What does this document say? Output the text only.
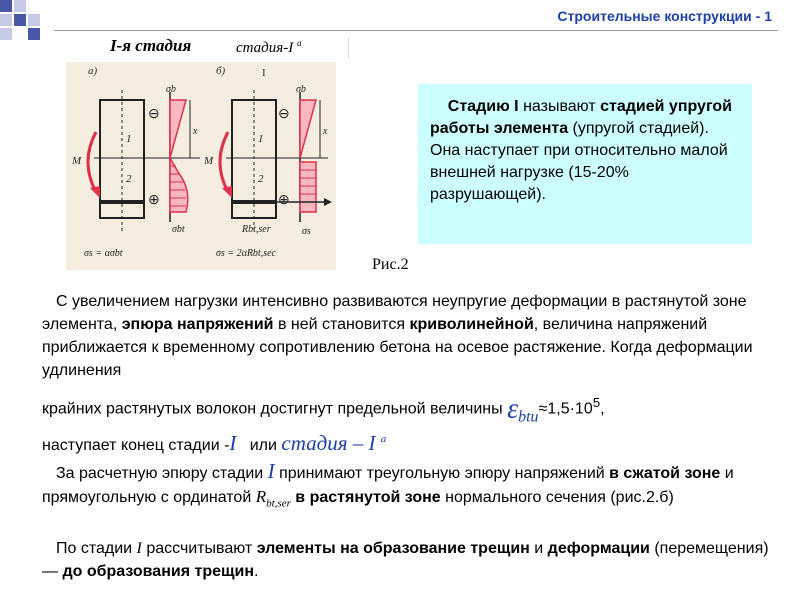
Строительные конструкции - 1
I-я стадия	стадия-I $^а$
а)
1
2
x
σb
⊖
⊕
σbt
σs = ασbt
M
б)	I
1
2
x
σb
⊖
⊕
σs
Rbt,ser
σs = 2αRbt,sec
M
Рис.2
Стадию I называют стадией упругой работы элемента (упругой стадией). Она наступает при относительно малой внешней нагрузке (15-20% разрушающей).
С увеличением нагрузки интенсивно развиваются неупругие деформации в растянутой зоне элемента, эпюра напряжений в ней становится криволинейной, величина напряжений приближается к временному сопротивлению бетона на осевое растяжение. Когда деформации удлинения
крайних растянутых волокон достигнут предельной величины $\varepsilon btu\approx 1,5\cdot 10^5$,
наступает конец стадии -I   или стадия – I $^а$
За расчетную эпюру стадии I принимают треугольную эпюру напряжений в сжатой зоне и прямоугольную с ординатой $R_{bt,ser}$ в растянутой зоне нормального сечения (рис.2.б)
По стадии I рассчитывают элементы на образование трещин и деформации (перемещения) — до образования трещин.
